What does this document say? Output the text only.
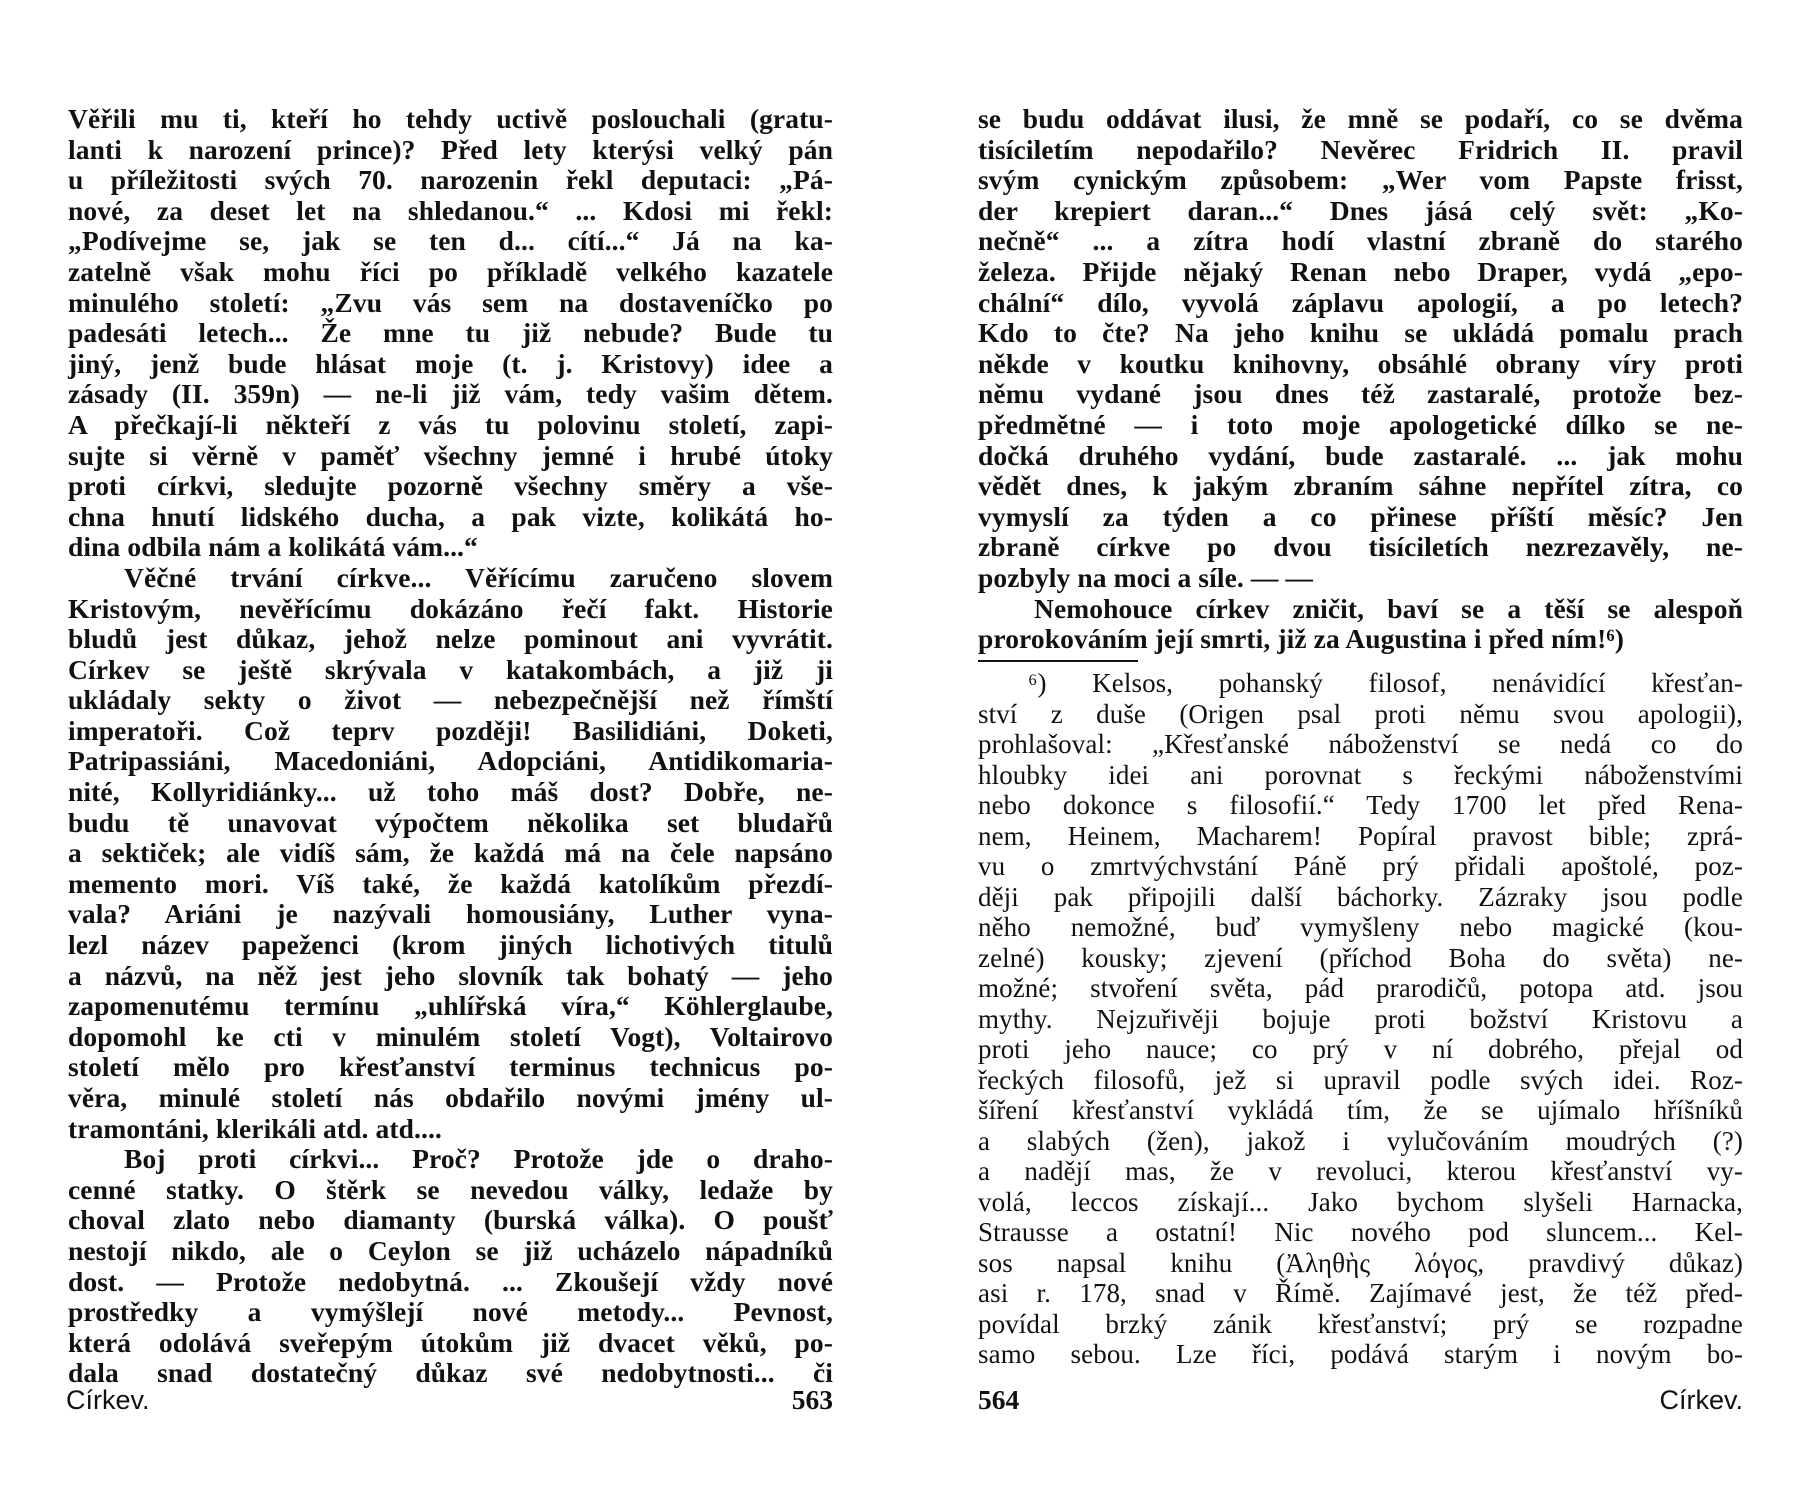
Věřili mu ti, kteří ho tehdy uctivě poslouchali (gratu-
lanti k narození prince)? Před lety kterýsi velký pán
u příležitosti svých 70. narozenin řekl deputaci: „Pá-
nové, za deset let na shledanou.“ ... Kdosi mi řekl:
„Podívejme se, jak se ten d... cítí...“ Já na ka-
zatelně však mohu říci po příkladě velkého kazatele
minulého století: „Zvu vás sem na dostaveníčko po
padesáti letech... Že mne tu již nebude? Bude tu
jiný, jenž bude hlásat moje (t. j. Kristovy) idee a
zásady (II. 359n) — ne-li již vám, tedy vašim dětem.
A přečkají-li někteří z vás tu polovinu století, zapi-
sujte si věrně v paměť všechny jemné i hrubé útoky
proti církvi, sledujte pozorně všechny směry a vše-
chna hnutí lidského ducha, a pak vizte, kolikátá ho-
dina odbila nám a kolikátá vám...“
Věčné trvání církve... Věřícímu zaručeno slovem
Kristovým, nevěřícímu dokázáno řečí fakt. Historie
bludů jest důkaz, jehož nelze pominout ani vyvrátit.
Církev se ještě skrývala v katakombách, a již ji
ukládaly sekty o život — nebezpečnější než římští
imperatoři. Což teprv později! Basilidiáni, Doketi,
Patripassiáni, Macedoniáni, Adopciáni, Antidikomaria-
nité, Kollyridiánky... už toho máš dost? Dobře, ne-
budu tě unavovat výpočtem několika set bludařů
a sektiček; ale vidíš sám, že každá má na čele napsáno
memento mori. Víš také, že každá katolíkům přezdí-
vala? Ariáni je nazývali homousiány, Luther vyna-
lezl název papeženci (krom jiných lichotivých titulů
a názvů, na něž jest jeho slovník tak bohatý — jeho
zapomenutému termínu „uhlířská víra,“ Köhlerglaube,
dopomohl ke cti v minulém století Vogt), Voltairovo
století mělo pro křesťanství terminus technicus po-
věra, minulé století nás obdařilo novými jmény ul-
tramontáni, klerikáli atd. atd....
Boj proti církvi... Proč? Protože jde o draho-
cenné statky. O štěrk se nevedou války, ledaže by
choval zlato nebo diamanty (burská válka). O poušť
nestojí nikdo, ale o Ceylon se již ucházelo nápadníků
dost. — Protože nedobytná. ... Zkoušejí vždy nové
prostředky a vymýšlejí nové metody... Pevnost,
která odolává sveřepým útokům již dvacet věků, po-
dala snad dostatečný důkaz své nedobytnosti... či
Církev.	563
se budu oddávat ilusi, že mně se podaří, co se dvěma
tisíciletím nepodařilo? Nevěrec Fridrich II. pravil
svým cynickým způsobem: „Wer vom Papste frisst,
der krepiert daran...“ Dnes jásá celý svět: „Ko-
nečně“ ... a zítra hodí vlastní zbraně do starého
železa. Přijde nějaký Renan nebo Draper, vydá „epo-
chální“ dílo, vyvolá záplavu apologií, a po letech?
Kdo to čte? Na jeho knihu se ukládá pomalu prach
někde v koutku knihovny, obsáhlé obrany víry proti
němu vydané jsou dnes též zastaralé, protože bez-
předmětné — i toto moje apologetické dílko se ne-
dočká druhého vydání, bude zastaralé. ... jak mohu
vědět dnes, k jakým zbraním sáhne nepřítel zítra, co
vymyslí za týden a co přinese příští měsíc? Jen
zbraně církve po dvou tisíciletích nezrezavěly, ne-
pozbyly na moci a síle. — —
Nemohouce církev zničit, baví se a těší se alespoň
prorokováním její smrti, již za Augustina i před ním!⁶)
⁶) Kelsos, pohanský filosof, nenávidící křesťan-
ství z duše (Origen psal proti němu svou apologii),
prohlašoval: „Křesťanské náboženství se nedá co do
hloubky idei ani porovnat s řeckými náboženstvími
nebo dokonce s filosofií.“ Tedy 1700 let před Rena-
nem, Heinem, Macharem! Popíral pravost bible; zprá-
vu o zmrtvýchvstání Páně prý přidali apoštolé, poz-
ději pak připojili další báchorky. Zázraky jsou podle
něho nemožné, buď vymyšleny nebo magické (kou-
zelné) kousky; zjevení (příchod Boha do světa) ne-
možné; stvoření světa, pád prarodičů, potopa atd. jsou
mythy. Nejzuřivěji bojuje proti božství Kristovu a
proti jeho nauce; co prý v ní dobrého, přejal od
řeckých filosofů, jež si upravil podle svých idei. Roz-
šíření křesťanství vykládá tím, že se ujímalo hříšníků
a slabých (žen), jakož i vylučováním moudrých (?)
a nadějí mas, že v revoluci, kterou křesťanství vy-
volá, leccos získají... Jako bychom slyšeli Harnacka,
Strausse a ostatní! Nic nového pod sluncem... Kel-
sos napsal knihu (Ἀληθὴς λόγος, pravdivý důkaz)
asi r. 178, snad v Římě. Zajímavé jest, že též před-
povídal brzký zánik křesťanství; prý se rozpadne
samo sebou. Lze říci, podává starým i novým bo-
564	Církev.
